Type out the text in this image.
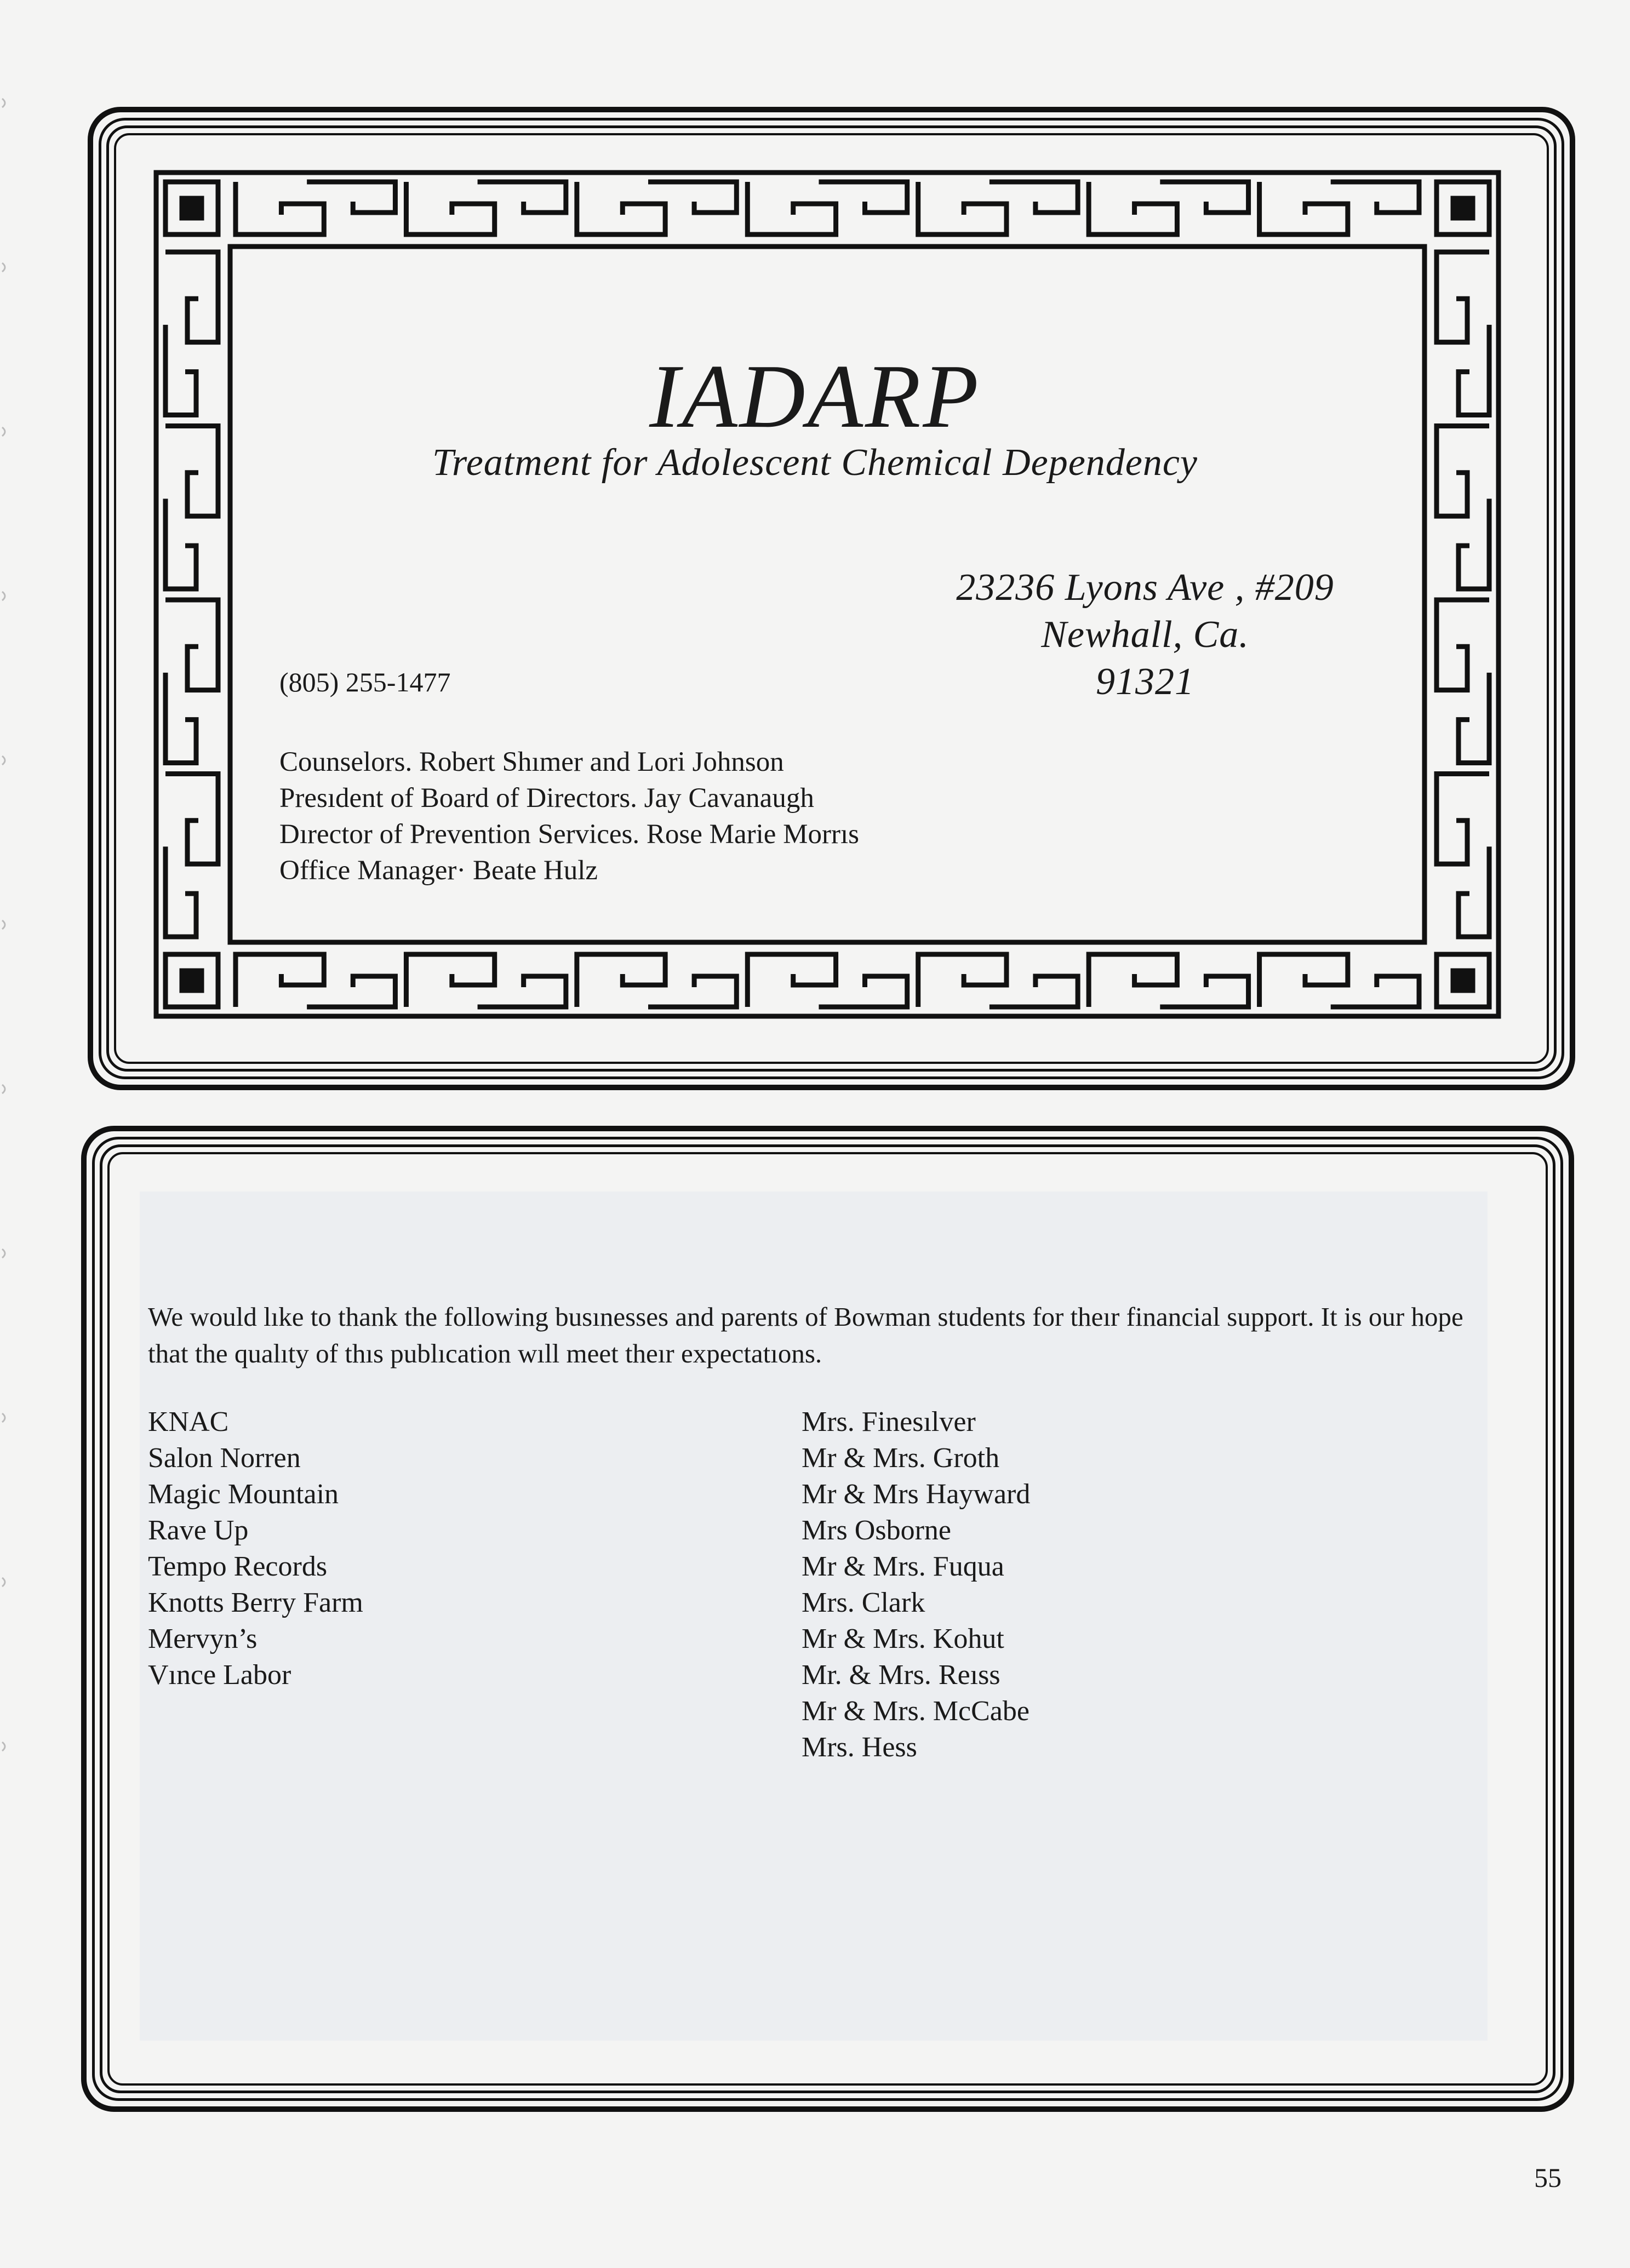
IADARP
Treatment for Adolescent Chemical Dependency
23236 Lyons Ave , #209
Newhall, Ca.
91321
(805) 255-1477
Counselors. Robert Shımer and Lori Johnson
Presıdent of Board of Directors. Jay Cavanaugh
Dırector of Prevention Services. Rose Marie Morrıs
Office Manager· Beate Hulz
We would lıke to thank the following busınesses and parents of Bowman students for theır financial support. It is our hope that the qualıty of thıs publıcation wıll meet theır expectatıons.
KNAC
Salon Norren
Magic Mountain
Rave Up
Tempo Records
Knotts Berry Farm
Mervyn’s
Vınce Labor
Mrs. Finesılver
Mr & Mrs. Groth
Mr & Mrs Hayward
Mrs Osborne
Mr & Mrs. Fuqua
Mrs. Clark
Mr & Mrs. Kohut
Mr. & Mrs. Reıss
Mr & Mrs. McCabe
Mrs. Hess
55
